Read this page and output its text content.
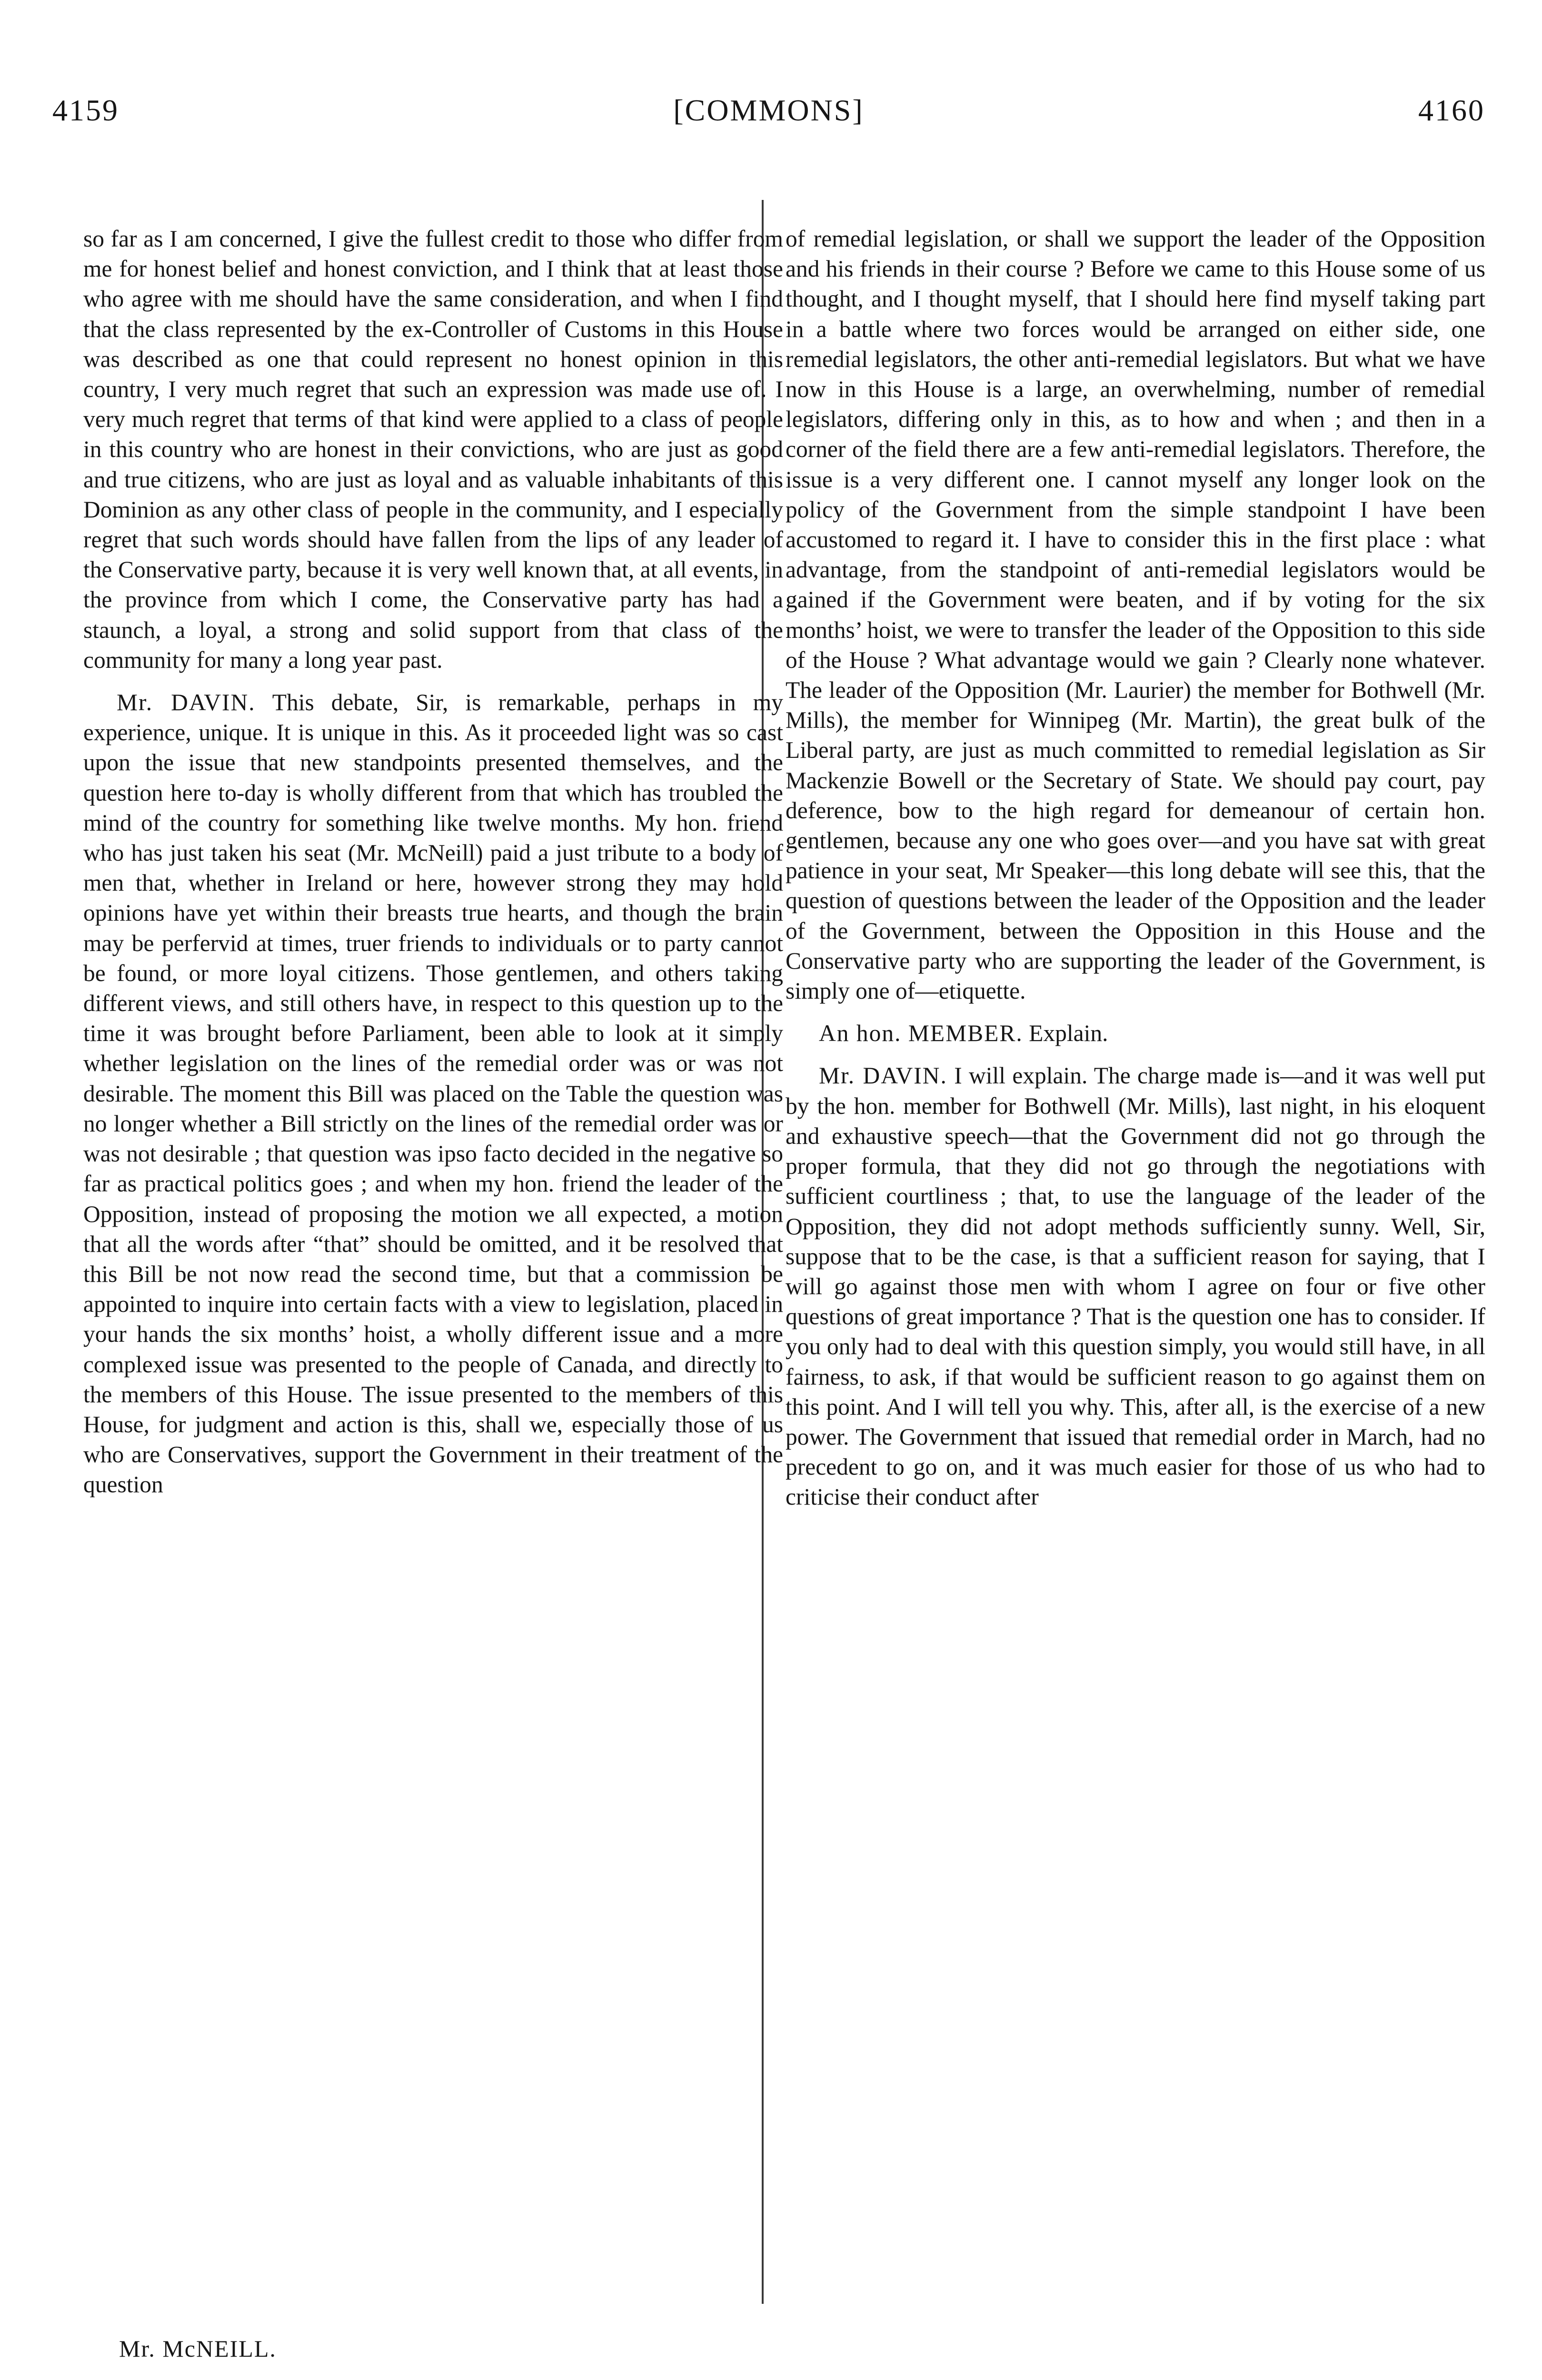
4159	[COMMONS]	4160

so far as I am concerned, I give the fullest credit to those who differ from me for honest belief and honest conviction, and I think that at least those who agree with me should have the same consideration, and when I find that the class represented by the ex-Controller of Customs in this House was described as one that could represent no honest opinion in this country, I very much regret that such an expression was made use of. I very much regret that terms of that kind were applied to a class of people in this country who are honest in their convictions, who are just as good and true citizens, who are just as loyal and as valuable inhabitants of this Dominion as any other class of people in the community, and I especially regret that such words should have fallen from the lips of any leader of the Conservative party, because it is very well known that, at all events, in the province from which I come, the Conservative party has had a staunch, a loyal, a strong and solid support from that class of the community for many a long year past.

Mr. DAVIN. This debate, Sir, is remarkable, perhaps in my experience, unique. It is unique in this. As it proceeded light was so cast upon the issue that new standpoints presented themselves, and the question here to-day is wholly different from that which has troubled the mind of the country for something like twelve months. My hon. friend who has just taken his seat (Mr. McNeill) paid a just tribute to a body of men that, whether in Ireland or here, however strong they may hold opinions have yet within their breasts true hearts, and though the brain may be perfervid at times, truer friends to individuals or to party cannot be found, or more loyal citizens. Those gentlemen, and others taking different views, and still others have, in respect to this question up to the time it was brought before Parliament, been able to look at it simply whether legislation on the lines of the remedial order was or was not desirable. The moment this Bill was placed on the Table the question was no longer whether a Bill strictly on the lines of the remedial order was or was not desirable ; that question was ipso facto decided in the negative so far as practical politics goes ; and when my hon. friend the leader of the Opposition, instead of proposing the motion we all expected, a motion that all the words after “that” should be omitted, and it be resolved that this Bill be not now read the second time, but that a commission be appointed to inquire into certain facts with a view to legislation, placed in your hands the six months’ hoist, a wholly different issue and a more complexed issue was presented to the people of Canada, and directly to the members of this House. The issue presented to the members of this House, for judgment and action is this, shall we, especially those of us who are Conservatives, support the Government in their treatment of the question

of remedial legislation, or shall we support the leader of the Opposition and his friends in their course ? Before we came to this House some of us thought, and I thought myself, that I should here find myself taking part in a battle where two forces would be arranged on either side, one remedial legislators, the other anti-remedial legislators. But what we have now in this House is a large, an overwhelming, number of remedial legislators, differing only in this, as to how and when ; and then in a corner of the field there are a few anti-remedial legislators. Therefore, the issue is a very different one. I cannot myself any longer look on the policy of the Government from the simple standpoint I have been accustomed to regard it. I have to consider this in the first place : what advantage, from the standpoint of anti-remedial legislators would be gained if the Government were beaten, and if by voting for the six months’ hoist, we were to transfer the leader of the Opposition to this side of the House ? What advantage would we gain ? Clearly none whatever. The leader of the Opposition (Mr. Laurier) the member for Bothwell (Mr. Mills), the member for Winnipeg (Mr. Martin), the great bulk of the Liberal party, are just as much committed to remedial legislation as Sir Mackenzie Bowell or the Secretary of State. We should pay court, pay deference, bow to the high regard for demeanour of certain hon. gentlemen, because any one who goes over—and you have sat with great patience in your seat, Mr Speaker—this long debate will see this, that the question of questions between the leader of the Opposition and the leader of the Government, between the Opposition in this House and the Conservative party who are supporting the leader of the Government, is simply one of—etiquette.

An hon. MEMBER. Explain.

Mr. DAVIN. I will explain. The charge made is—and it was well put by the hon. member for Bothwell (Mr. Mills), last night, in his eloquent and exhaustive speech—that the Government did not go through the proper formula, that they did not go through the negotiations with sufficient courtliness ; that, to use the language of the leader of the Opposition, they did not adopt methods sufficiently sunny. Well, Sir, suppose that to be the case, is that a sufficient reason for saying, that I will go against those men with whom I agree on four or five other questions of great importance ? That is the question one has to consider. If you only had to deal with this question simply, you would still have, in all fairness, to ask, if that would be sufficient reason to go against them on this point. And I will tell you why. This, after all, is the exercise of a new power. The Government that issued that remedial order in March, had no precedent to go on, and it was much easier for those of us who had to criticise their conduct after

Mr. McNEILL.
